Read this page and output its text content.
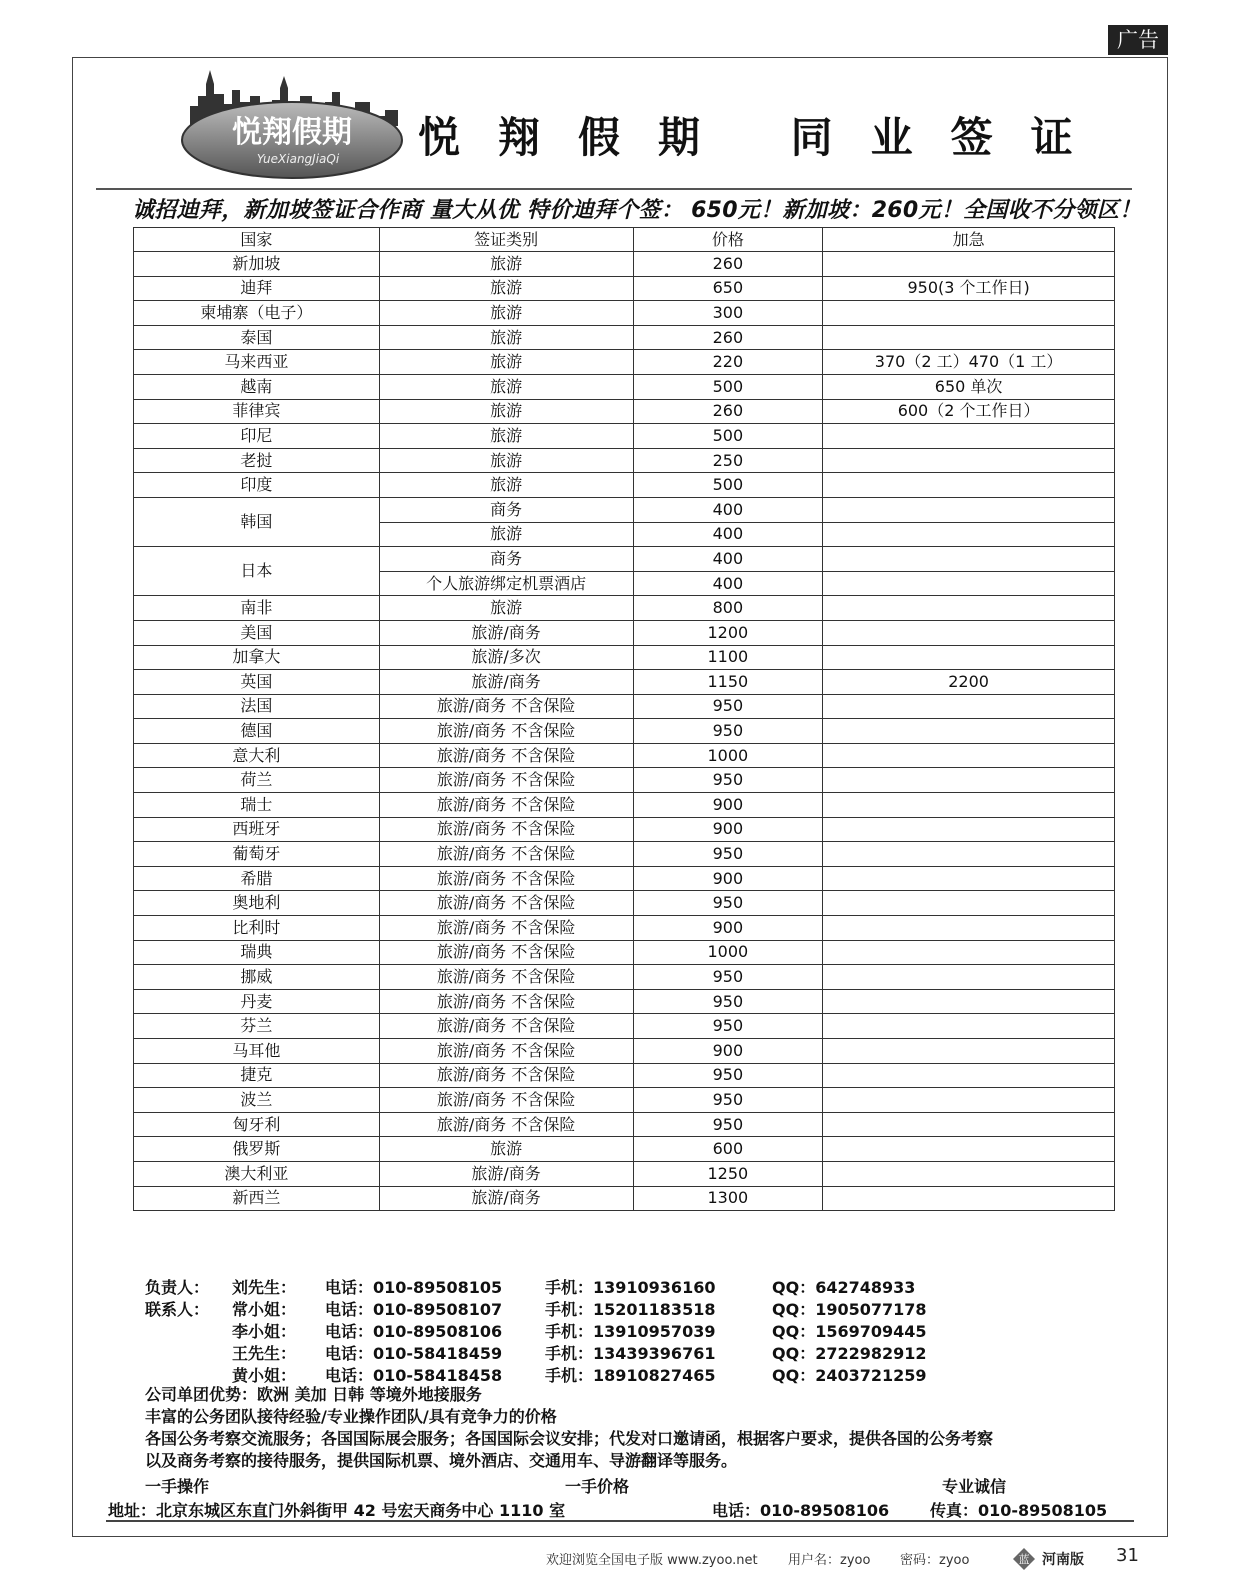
广告
悦翔假期
YueXiangJiaQi 悦翔假期 同业签证
诚招迪拜，新加坡签证合作商 量大从优 特价迪拜个签： 650元！新加坡：260元！全国收不分领区！
国家	签证类别	价格	加急
新加坡	旅游	260	
迪拜	旅游	650	950(3 个工作日)
柬埔寨（电子）	旅游	300	
泰国	旅游	260	
马来西亚	旅游	220	370（2 工）470（1 工）
越南	旅游	500	650 单次
菲律宾	旅游	260	600（2 个工作日）
印尼	旅游	500	
老挝	旅游	250	
印度	旅游	500	
韩国	商务	400	
	旅游	400	
日本	商务	400	
	个人旅游绑定机票酒店	400	
南非	旅游	800	
美国	旅游/商务	1200	
加拿大	旅游/多次	1100	
英国	旅游/商务	1150	2200
法国	旅游/商务 不含保险	950	
德国	旅游/商务 不含保险	950	
意大利	旅游/商务 不含保险	1000	
荷兰	旅游/商务 不含保险	950	
瑞士	旅游/商务 不含保险	900	
西班牙	旅游/商务 不含保险	900	
葡萄牙	旅游/商务 不含保险	950	
希腊	旅游/商务 不含保险	900	
奥地利	旅游/商务 不含保险	950	
比利时	旅游/商务 不含保险	900	
瑞典	旅游/商务 不含保险	1000	
挪威	旅游/商务 不含保险	950	
丹麦	旅游/商务 不含保险	950	
芬兰	旅游/商务 不含保险	950	
马耳他	旅游/商务 不含保险	900	
捷克	旅游/商务 不含保险	950	
波兰	旅游/商务 不含保险	950	
匈牙利	旅游/商务 不含保险	950	
俄罗斯	旅游	600	
澳大利亚	旅游/商务	1250	
新西兰	旅游/商务	1300	
负责人： 刘先生： 电话：010-89508105	手机：13910936160	QQ：642748933
联系人： 常小姐： 电话：010-89508107	手机：15201183518	QQ：1905077178
李小姐： 电话：010-89508106	手机：13910957039	QQ：1569709445
王先生： 电话：010-58418459	手机：13439396761	QQ：2722982912
黄小姐： 电话：010-58418458	手机：18910827465	QQ：2403721259
公司单团优势：欧洲 美加 日韩 等境外地接服务
丰富的公务团队接待经验/专业操作团队/具有竞争力的价格
各国公务考察交流服务；各国国际展会服务；各国国际会议安排；代发对口邀请函，根据客户要求，提供各国的公务考察
以及商务考察的接待服务，提供国际机票、境外酒店、交通用车、导游翻译等服务。
一手操作	一手价格	专业诚信
地址：北京东城区东直门外斜街甲 42 号宏天商务中心 1110 室	电话：010-89508106	传真：010-89508105
欢迎浏览全国电子版 www.zyoo.net 用户名：zyoo 密码：zyoo	河南版 31
蓝
